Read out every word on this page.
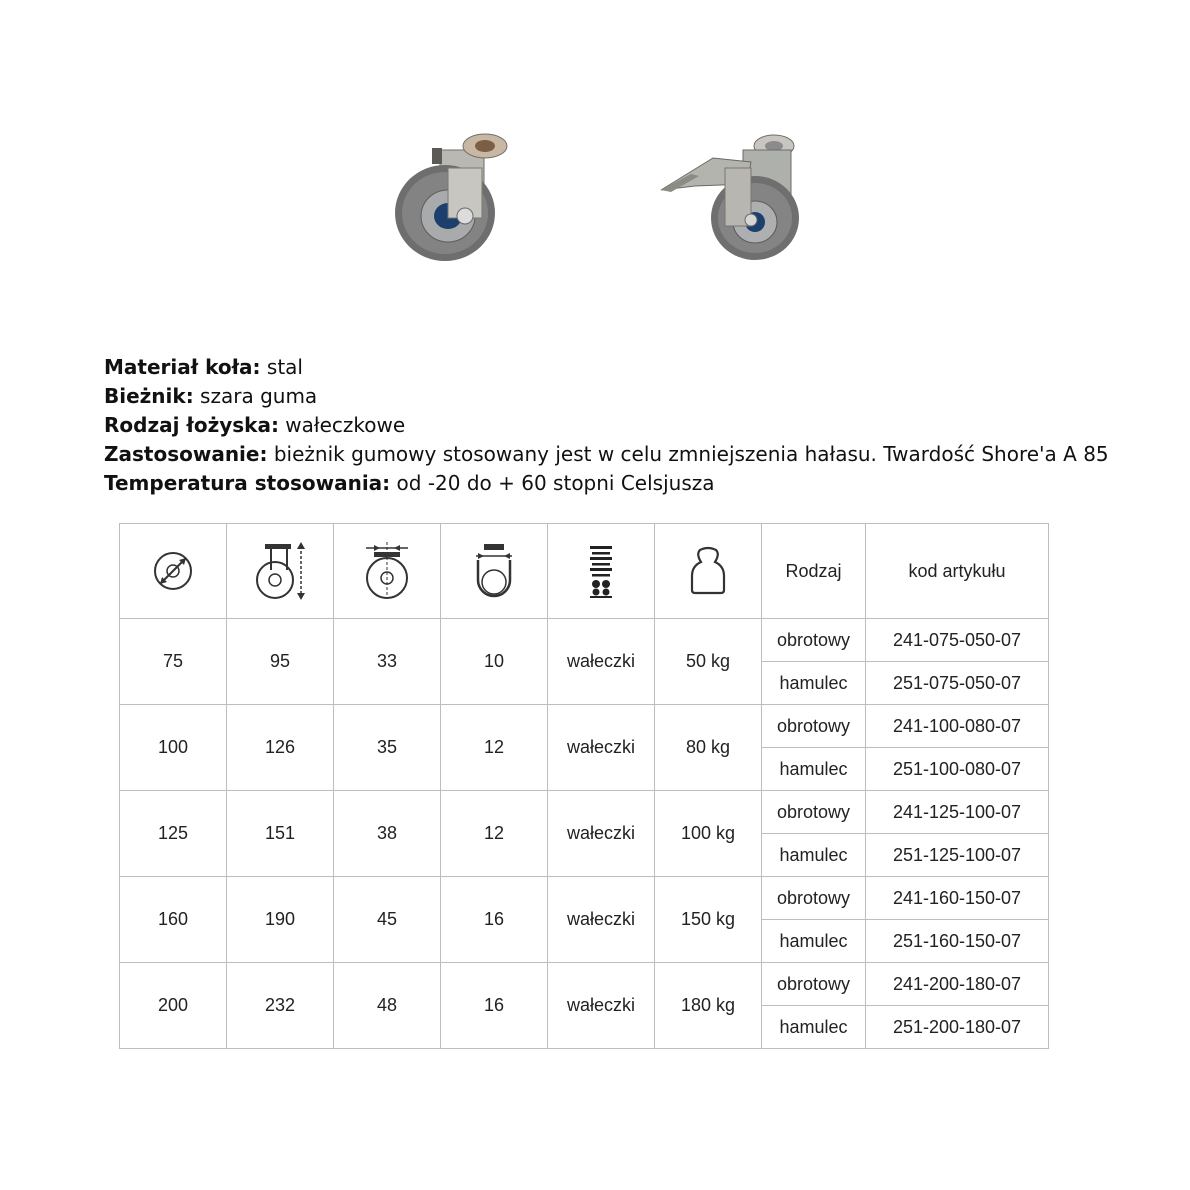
Materiał koła: stal
Bieżnik: szara guma
Rodzaj łożyska: wałeczkowe
Zastosowanie: bieżnik gumowy stosowany jest w celu zmniejszenia hałasu. Twardość Shore'a A 85
Temperatura stosowania: od -20 do + 60 stopni Celsjusza
						Rodzaj	kod artykułu
75	95	33	10	wałeczki	50 kg	obrotowy	241-075-050-07
						hamulec	251-075-050-07
100	126	35	12	wałeczki	80 kg	obrotowy	241-100-080-07
						hamulec	251-100-080-07
125	151	38	12	wałeczki	100 kg	obrotowy	241-125-100-07
						hamulec	251-125-100-07
160	190	45	16	wałeczki	150 kg	obrotowy	241-160-150-07
						hamulec	251-160-150-07
200	232	48	16	wałeczki	180 kg	obrotowy	241-200-180-07
						hamulec	251-200-180-07
